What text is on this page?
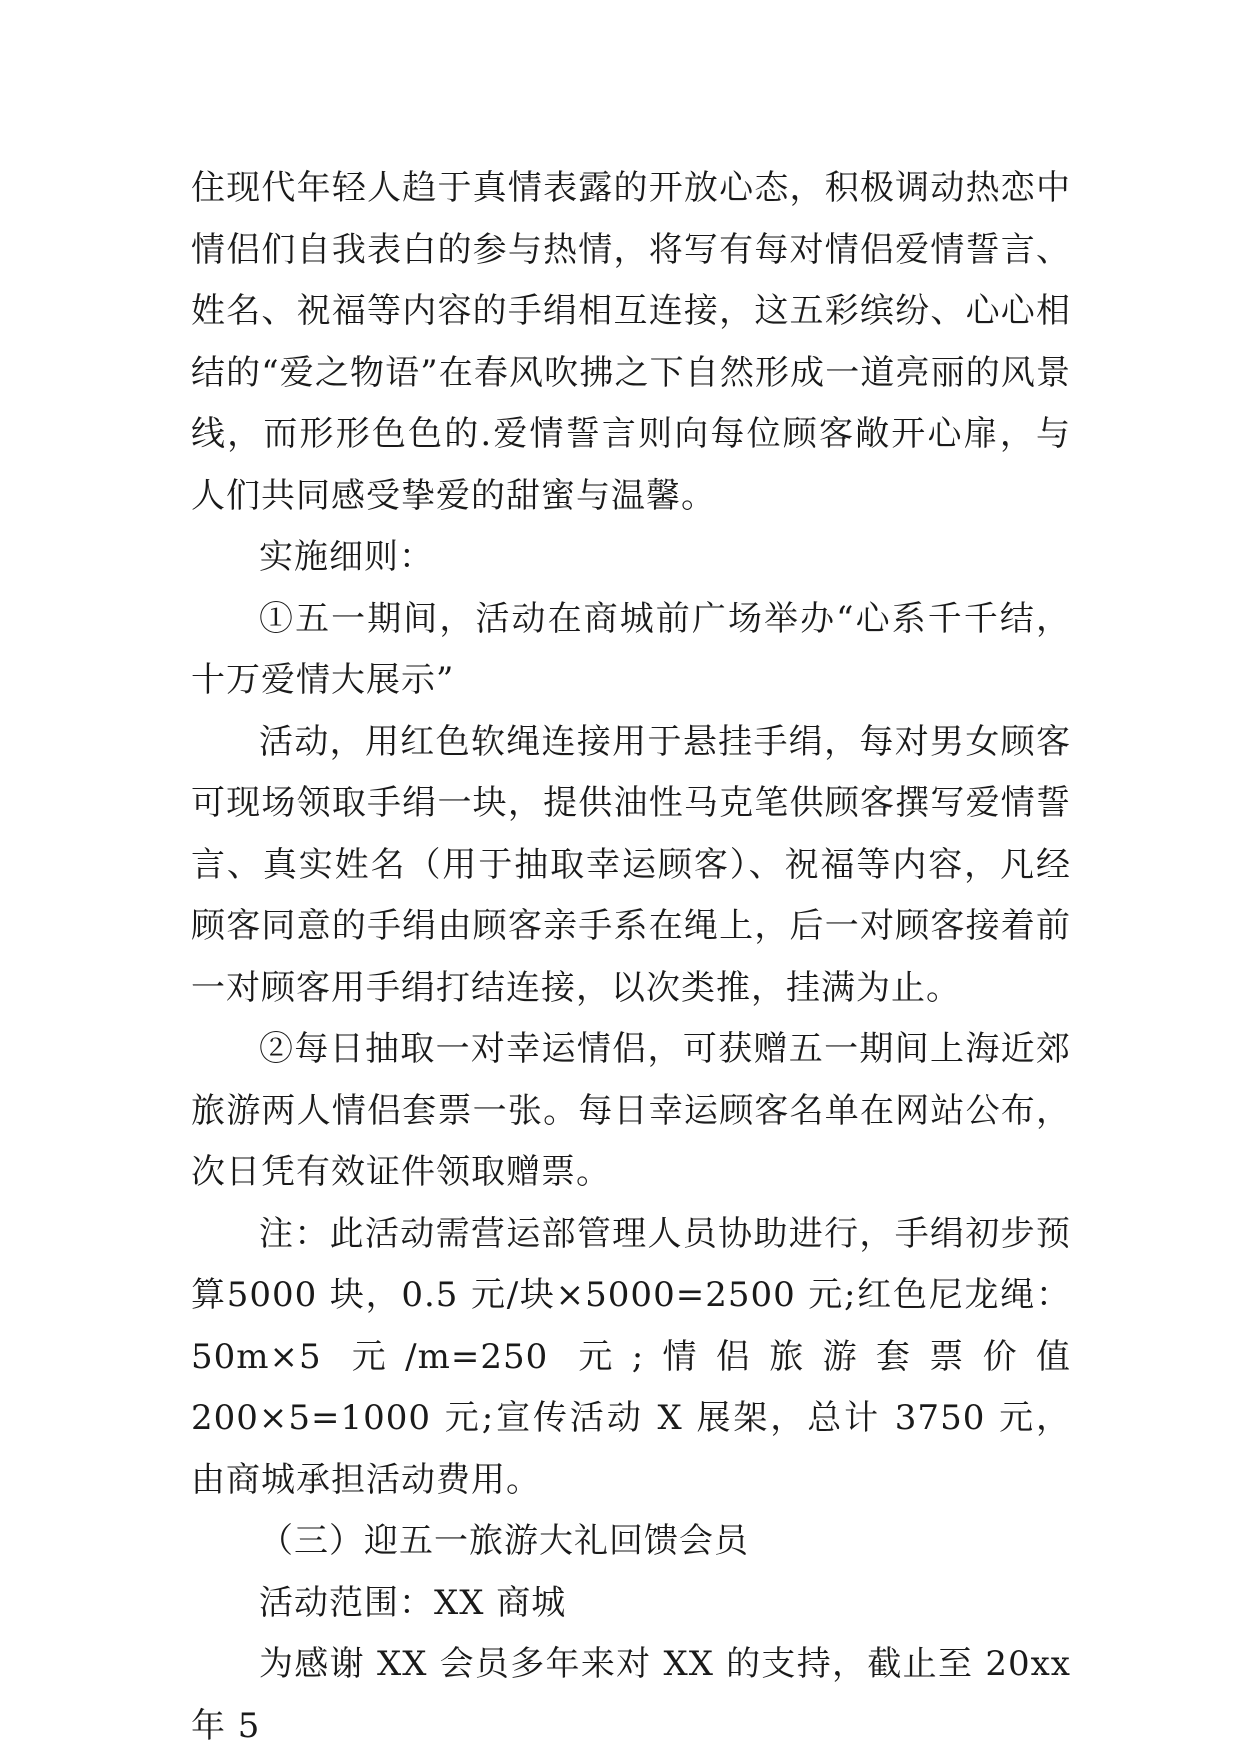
住现代年轻人趋于真情表露的开放心态，积极调动热恋中情侣们自我表白的参与热情，将写有每对情侣爱情誓言、姓名、祝福等内容的手绢相互连接，这五彩缤纷、心心相结的“爱之物语”在春风吹拂之下自然形成一道亮丽的风景线，而形形色色的.爱情誓言则向每位顾客敞开心扉，与人们共同感受挚爱的甜蜜与温馨。

实施细则：

①五一期间，活动在商城前广场举办“心系千千结，十万爱情大展示”

活动，用红色软绳连接用于悬挂手绢，每对男女顾客可现场领取手绢一块，提供油性马克笔供顾客撰写爱情誓言、真实姓名（用于抽取幸运顾客）、祝福等内容，凡经顾客同意的手绢由顾客亲手系在绳上，后一对顾客接着前一对顾客用手绢打结连接，以次类推，挂满为止。

②每日抽取一对幸运情侣，可获赠五一期间上海近郊旅游两人情侣套票一张。每日幸运顾客名单在网站公布，次日凭有效证件领取赠票。

注：此活动需营运部管理人员协助进行，手绢初步预算5000 块，0.5 元/块×5000=2500 元;红色尼龙绳：50m×5 元/m=250 元;情侣旅游套票价值 200×5=1000 元;宣传活动 X 展架，总计 3750 元，由商城承担活动费用。

（三）迎五一旅游大礼回馈会员

活动范围：XX 商城

为感谢 XX 会员多年来对 XX 的支持，截止至 20xx 年 5
